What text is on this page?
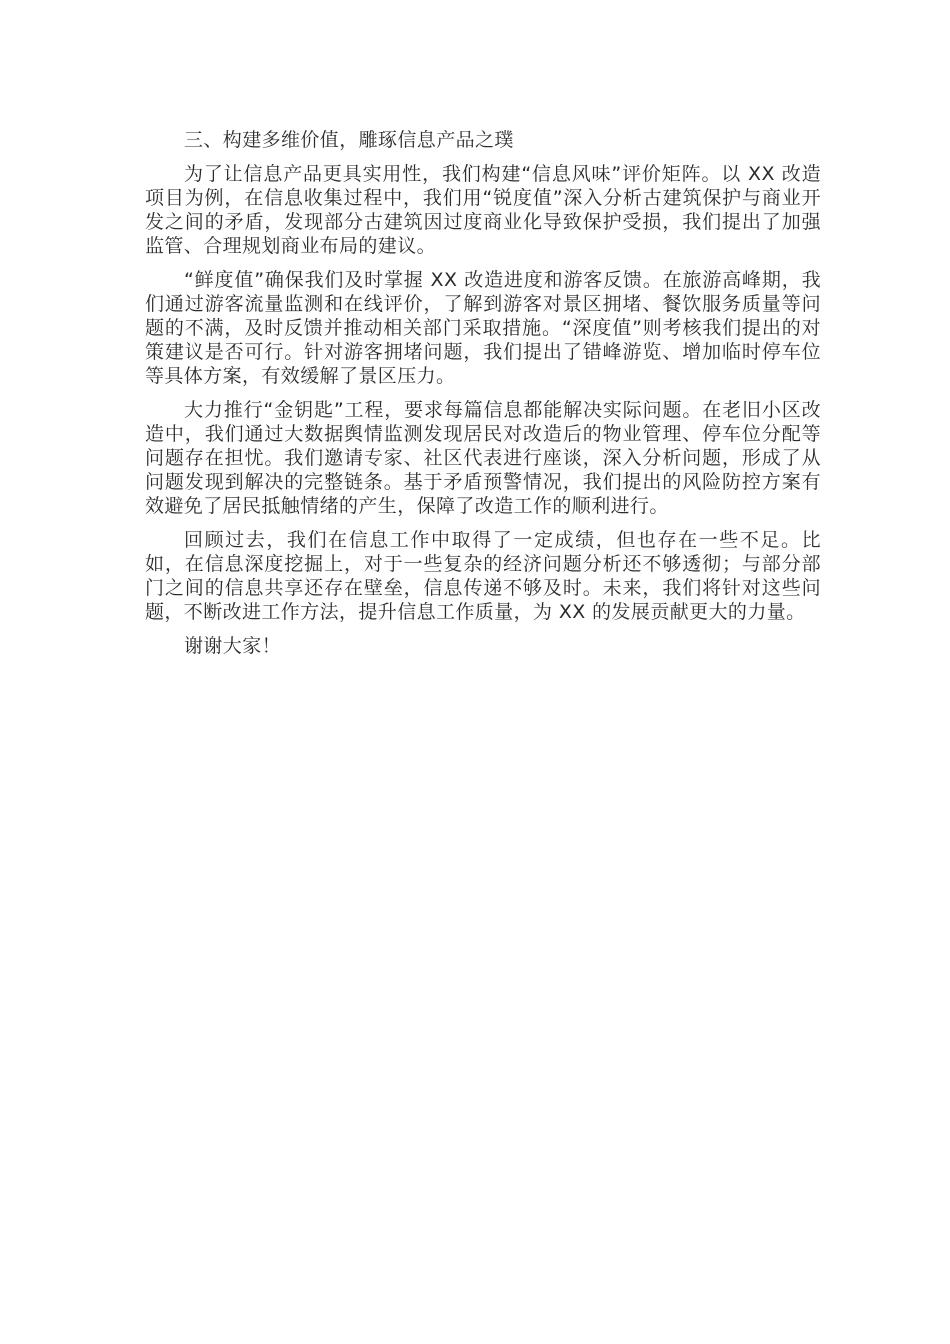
三、构建多维价值，雕琢信息产品之璞

为了让信息产品更具实用性，我们构建“信息风味”评价矩阵。以 XX 改造项目为例，在信息收集过程中，我们用“锐度值”深入分析古建筑保护与商业开发之间的矛盾，发现部分古建筑因过度商业化导致保护受损，我们提出了加强监管、合理规划商业布局的建议。

“鲜度值”确保我们及时掌握 XX 改造进度和游客反馈。在旅游高峰期，我们通过游客流量监测和在线评价，了解到游客对景区拥堵、餐饮服务质量等问题的不满，及时反馈并推动相关部门采取措施。“深度值”则考核我们提出的对策建议是否可行。针对游客拥堵问题，我们提出了错峰游览、增加临时停车位等具体方案，有效缓解了景区压力。

大力推行“金钥匙”工程，要求每篇信息都能解决实际问题。在老旧小区改造中，我们通过大数据舆情监测发现居民对改造后的物业管理、停车位分配等问题存在担忧。我们邀请专家、社区代表进行座谈，深入分析问题，形成了从问题发现到解决的完整链条。基于矛盾预警情况，我们提出的风险防控方案有效避免了居民抵触情绪的产生，保障了改造工作的顺利进行。

回顾过去，我们在信息工作中取得了一定成绩，但也存在一些不足。比如，在信息深度挖掘上，对于一些复杂的经济问题分析还不够透彻；与部分部门之间的信息共享还存在壁垒，信息传递不够及时。未来，我们将针对这些问题，不断改进工作方法，提升信息工作质量，为 XX 的发展贡献更大的力量。

谢谢大家！
